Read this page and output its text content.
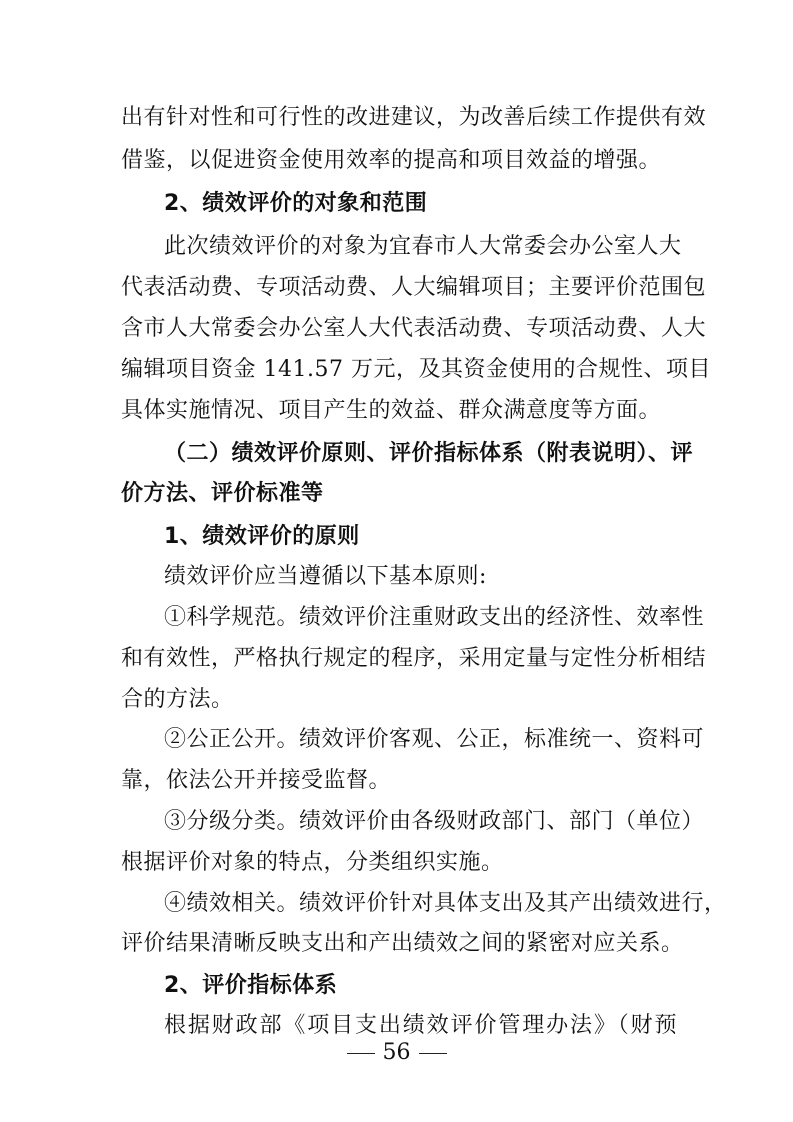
出有针对性和可行性的改进建议，为改善后续工作提供有效
借鉴，以促进资金使用效率的提高和项目效益的增强。
2、绩效评价的对象和范围
此次绩效评价的对象为宜春市人大常委会办公室人大
代表活动费、专项活动费、人大编辑项目；主要评价范围包
含市人大常委会办公室人大代表活动费、专项活动费、人大
编辑项目资金 141.57 万元，及其资金使用的合规性、项目
具体实施情况、项目产生的效益、群众满意度等方面。
（二）绩效评价原则、评价指标体系（附表说明）、评
价方法、评价标准等
1、绩效评价的原则
绩效评价应当遵循以下基本原则:
①科学规范。绩效评价注重财政支出的经济性、效率性
和有效性，严格执行规定的程序，采用定量与定性分析相结
合的方法。
②公正公开。绩效评价客观、公正，标准统一、资料可
靠，依法公开并接受监督。
③分级分类。绩效评价由各级财政部门、部门（单位）
根据评价对象的特点，分类组织实施。
④绩效相关。绩效评价针对具体支出及其产出绩效进行，
评价结果清晰反映支出和产出绩效之间的紧密对应关系。
2、评价指标体系
根据财政部《项目支出绩效评价管理办法》（财预
56
